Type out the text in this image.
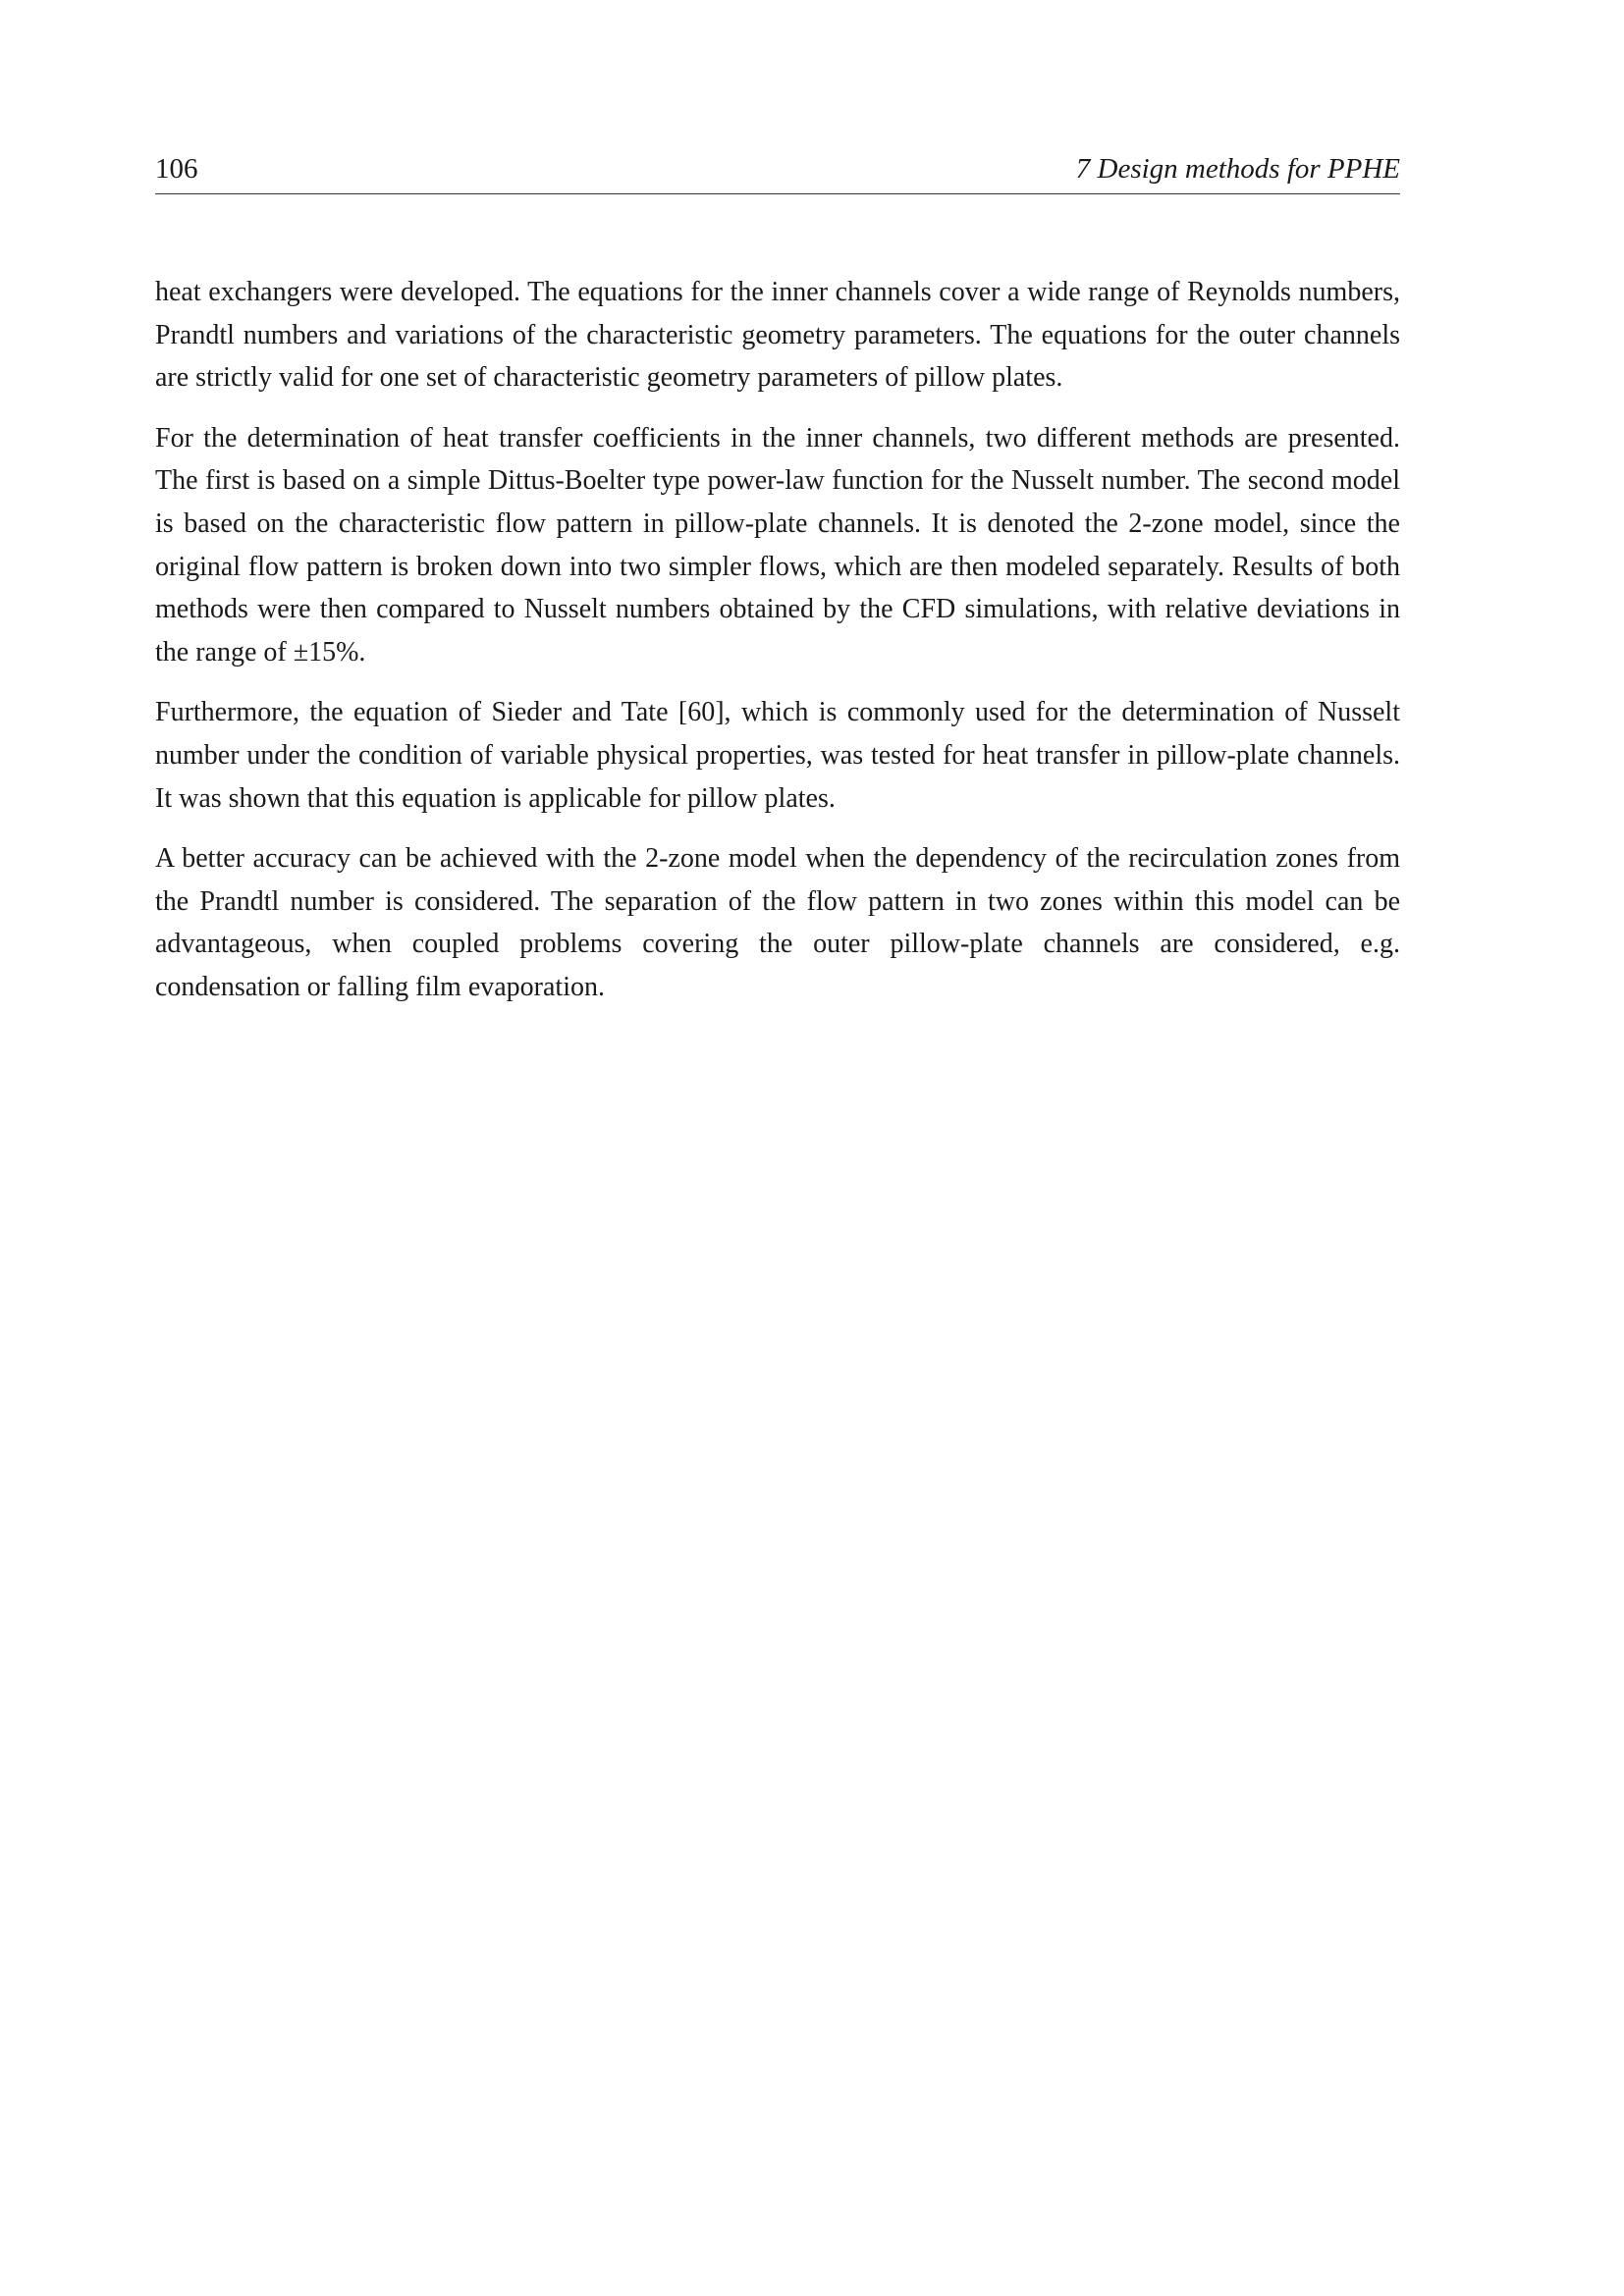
106	7 Design methods for PPHE

heat exchangers were developed. The equations for the inner channels cover a wide range of Reynolds numbers, Prandtl numbers and variations of the characteristic geometry parameters. The equations for the outer channels are strictly valid for one set of characteristic geometry parameters of pillow plates.

For the determination of heat transfer coefficients in the inner channels, two different methods are presented. The first is based on a simple Dittus-Boelter type power-law function for the Nusselt number. The second model is based on the characteristic flow pattern in pillow-plate channels. It is denoted the 2-zone model, since the original flow pattern is broken down into two simpler flows, which are then modeled separately. Results of both methods were then compared to Nusselt numbers obtained by the CFD simulations, with relative deviations in the range of ±15%.

Furthermore, the equation of Sieder and Tate [60], which is commonly used for the determination of Nusselt number under the condition of variable physical properties, was tested for heat transfer in pillow-plate channels. It was shown that this equation is applicable for pillow plates.

A better accuracy can be achieved with the 2-zone model when the dependency of the recirculation zones from the Prandtl number is considered. The separation of the flow pattern in two zones within this model can be advantageous, when coupled problems covering the outer pillow-plate channels are considered, e.g. condensation or falling film evaporation.
